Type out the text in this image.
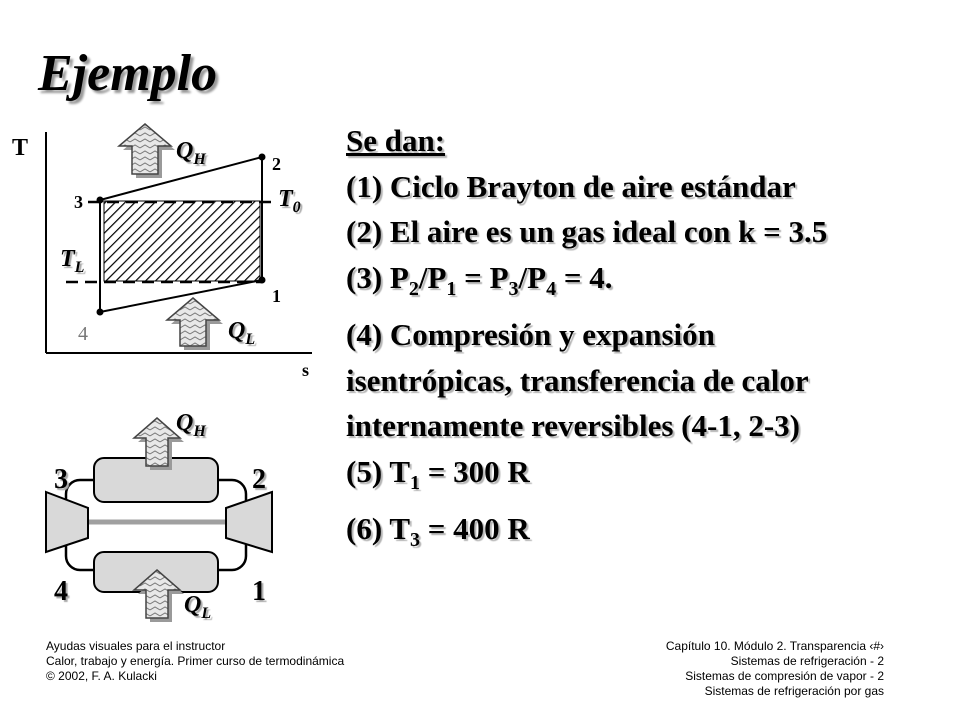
Ejemplo
T
s
1
2
3
4
$T_0$
$T_L$
$Q_H$
$Q_L$
3	2
4	1
$Q_H$
$Q_L$
Se dan:
(1) Ciclo Brayton de aire estándar
(2) El aire es un gas ideal con k = 3.5
(3) $P_2/P_1 = P_3/P_4 = 4$.
(4) Compresión y expansión
isentrópicas, transferencia de calor
internamente reversibles (4-1, 2-3)
(5) $T_1 = 300$ R
(6) $T_3 = 400$ R
Ayudas visuales para el instructor
Calor, trabajo y energía. Primer curso de termodinámica
© 2002, F. A. Kulacki
Capítulo 10. Módulo 2. Transparencia ‹#›
Sistemas de refrigeración - 2
Sistemas de compresión de vapor - 2
Sistemas de refrigeración por gas
